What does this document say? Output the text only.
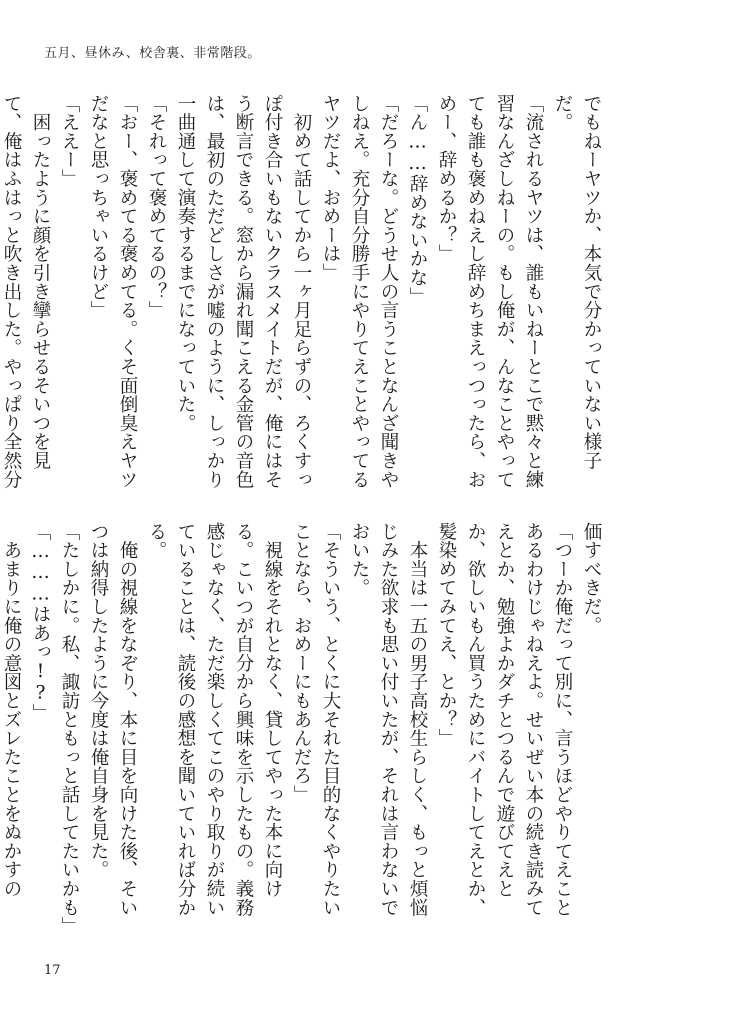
五月、昼休み、校舎裏、非常階段。

でもねーヤツか、本気で分かっていない様子だ。

「流されるヤツは、誰もいねーとこで黙々と練習なんざしねーの。もし俺が、んなことやってても誰も褒めねえし辞めちまえっつったら、おめー、辞めるか？」

「ん……辞めないかな」

「だろーな。どうせ人の言うことなんざ聞きやしねえ。充分自分勝手にやりてえことやってるヤツだよ、おめーは」

　初めて話してから一ヶ月足らずの、ろくすっぽ付き合いもないクラスメイトだが、俺にはそう断言できる。窓から漏れ聞こえる金管の音色は、最初のただどしさが嘘のように、しっかり一曲通して演奏するまでになっていた。

「それって褒めてるの？」

「おー、褒めてる褒めてる。くそ面倒臭えヤツだなと思っちゃいるけど」

「ええー」

　困ったように顔を引き攣らせるそいつを見て、俺はふはっと吹き出した。やっぱり全然分

価すべきだ。

「つーか俺だって別に、言うほどやりてえことあるわけじゃねえよ。せいぜい本の続き読みてえとか、勉強よかダチとつるんで遊びてえとか、欲しいもん買うためにバイトしてえとか、髪染めてみてえ、とか？」

　本当は一五の男子高校生らしく、もっと煩悩じみた欲求も思い付いたが、それは言わないでおいた。

「そういう、とくに大それた目的なくやりたいことなら、おめーにもあんだろ」

　視線をそれとなく、貸してやった本に向ける。こいつが自分から興味を示したもの。義務感じゃなく、ただ楽しくてこのやり取りが続いていることは、読後の感想を聞いていれば分かる。

　俺の視線をなぞり、本に目を向けた後、そいつは納得したように今度は俺自身を見た。

「たしかに。私、諏訪ともっと話してたいかも」

「………はあっ!?」

　あまりに俺の意図とズレたことをぬかすの

17
